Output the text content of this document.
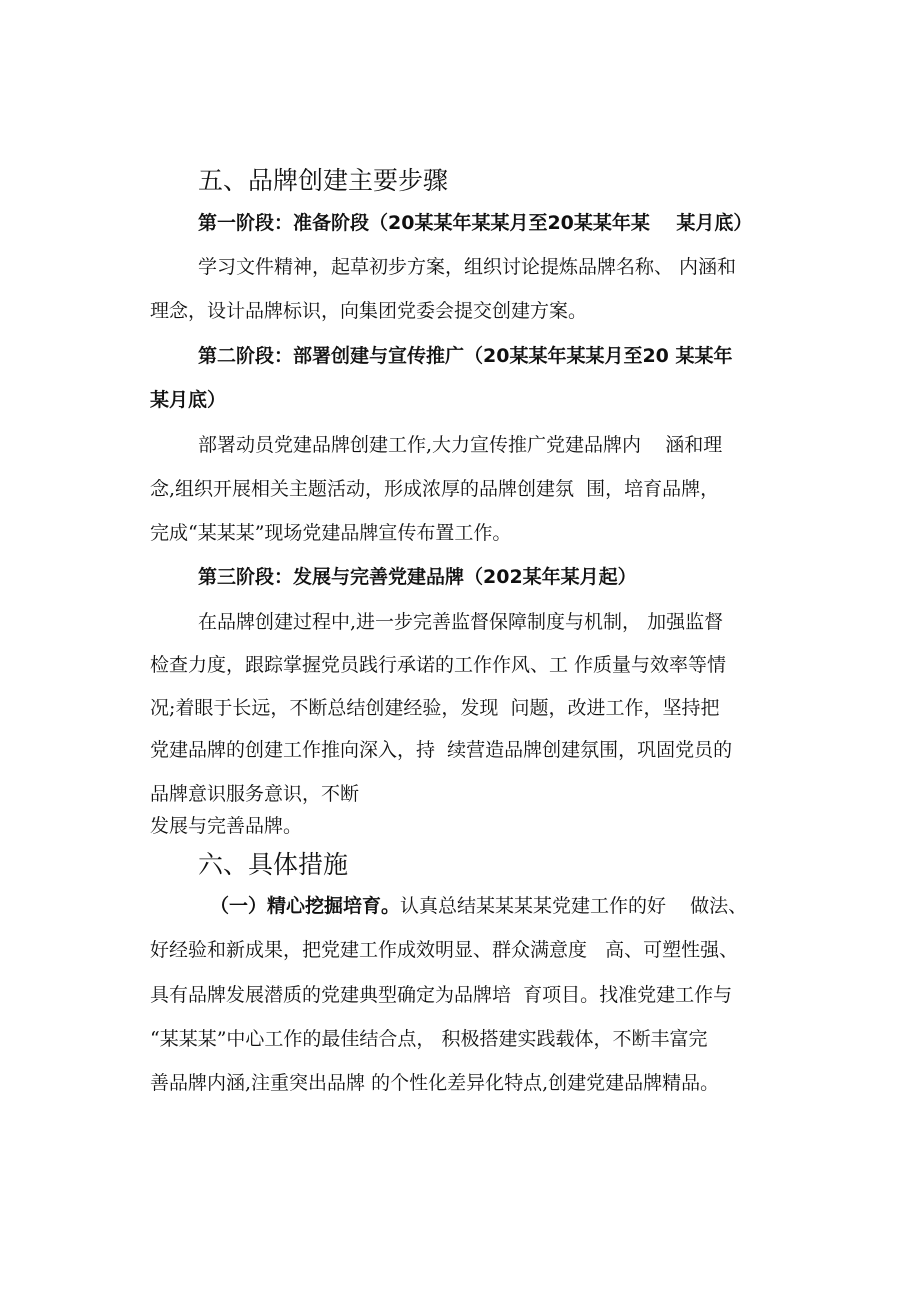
五、品牌创建主要步骤
第一阶段：准备阶段（20某某年某某月至20某某年某    某月底）
学习文件精神，起草初步方案，组织讨论提炼品牌名称、 内涵和
理念，设计品牌标识，向集团党委会提交创建方案。
第二阶段：部署创建与宣传推广（20某某年某某月至20 某某年
某月底）
部署动员党建品牌创建工作,大力宣传推广党建品牌内    涵和理
念,组织开展相关主题活动，形成浓厚的品牌创建氛  围，培育品牌，
完成“某某某”现场党建品牌宣传布置工作。
第三阶段：发展与完善党建品牌（202某年某月起）
在品牌创建过程中,进一步完善监督保障制度与机制， 加强监督
检查力度，跟踪掌握党员践行承诺的工作作风、工 作质量与效率等情
况;着眼于长远，不断总结创建经验，发现  问题，改进工作，坚持把
党建品牌的创建工作推向深入，持  续营造品牌创建氛围，巩固党员的
品牌意识服务意识，不断
发展与完善品牌。
六、具体措施
（一）精心挖掘培育。认真总结某某某某党建工作的好    做法、
好经验和新成果，把党建工作成效明显、群众满意度   高、可塑性强、
具有品牌发展潜质的党建典型确定为品牌培  育项目。找准党建工作与
“某某某”中心工作的最佳结合点， 积极搭建实践载体，不断丰富完
善品牌内涵,注重突出品牌 的个性化差异化特点,创建党建品牌精品。
